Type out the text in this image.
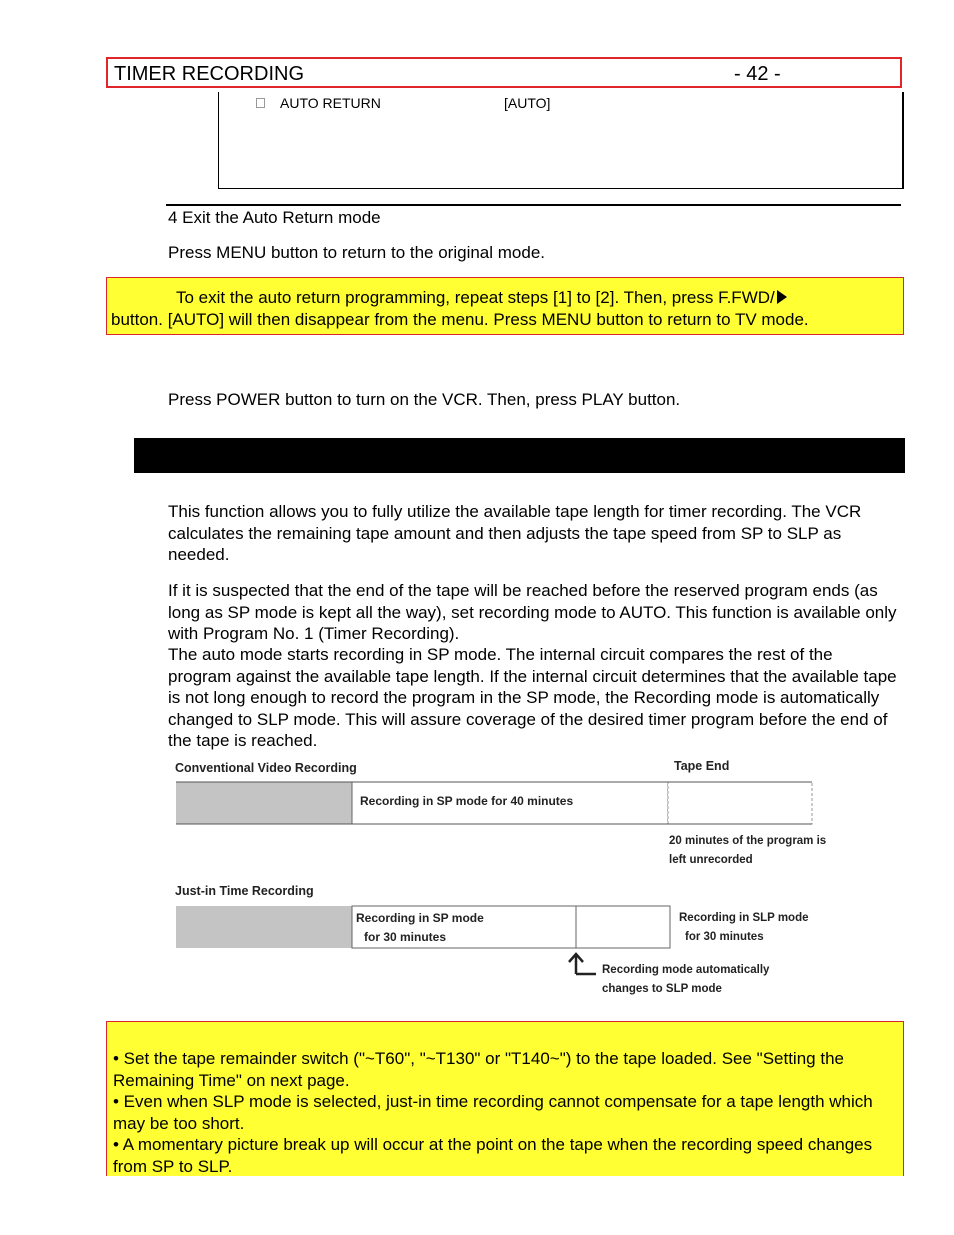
TIMER RECORDING	- 42 -
AUTO RETURN	[AUTO]
4 Exit the Auto Return mode
Press MENU button to return to the original mode.
To exit the auto return programming, repeat steps [1] to [2]. Then, press F.FWD/
button. [AUTO] will then disappear from the menu. Press MENU button to return to TV mode.
Press POWER button to turn on the VCR. Then, press PLAY button.
This function allows you to fully utilize the available tape length for timer recording. The VCR calculates the remaining tape amount and then adjusts the tape speed from SP to SLP as needed.
If it is suspected that the end of the tape will be reached before the reserved program ends (as long as SP mode is kept all the way), set recording mode to AUTO. This function is available only with Program No. 1 (Timer Recording).
The auto mode starts recording in SP mode. The internal circuit compares the rest of the program against the available tape length. If the internal circuit determines that the available tape is not long enough to record the program in the SP mode, the Recording mode is automatically changed to SLP mode. This will assure coverage of the desired timer program before the end of the tape is reached.
Conventional Video Recording	Tape End
Recording in SP mode for 40 minutes
20 minutes of the program is
left unrecorded
Just-in Time Recording
Recording in SP mode
for 30 minutes
Recording in SLP mode
for 30 minutes
Recording mode automatically
changes to SLP mode
• Set the tape remainder switch ("~T60", "~T130" or "T140~") to the tape loaded. See "Setting the Remaining Time" on next page.
• Even when SLP mode is selected, just-in time recording cannot compensate for a tape length which may be too short.
• A momentary picture break up will occur at the point on the tape when the recording speed changes from SP to SLP.
